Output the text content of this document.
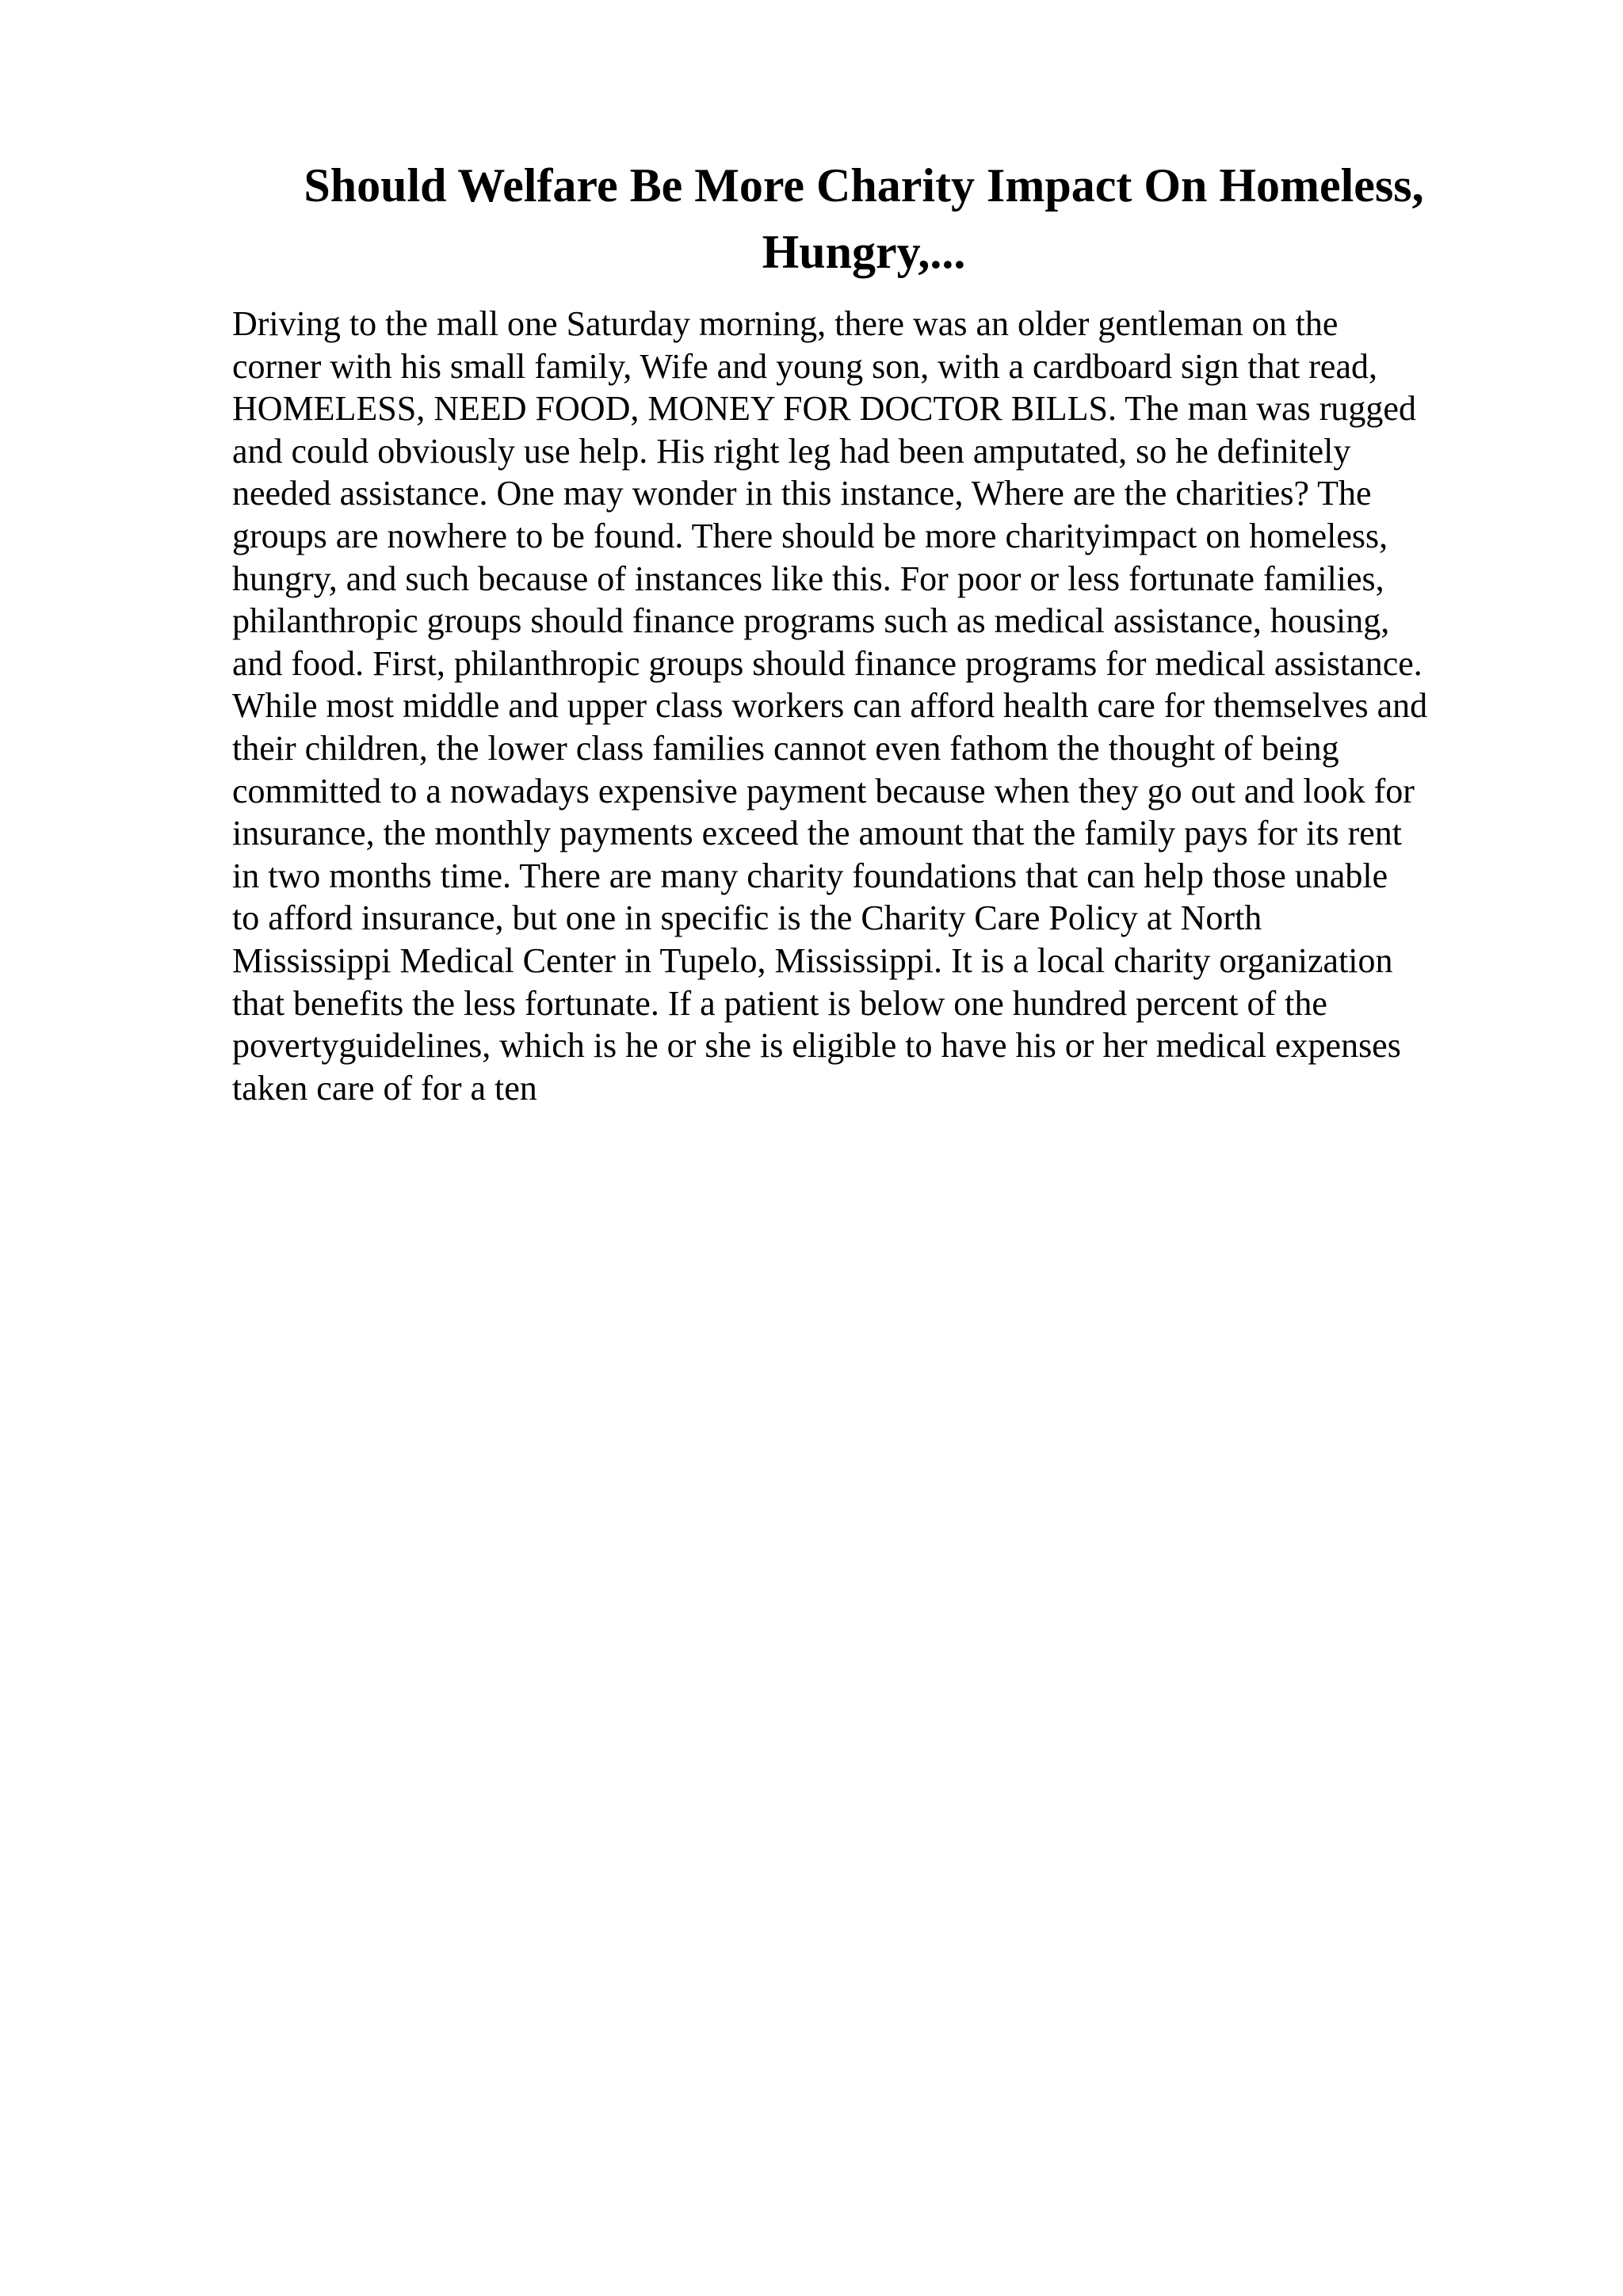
Should Welfare Be More Charity Impact On Homeless,
Hungry,...
Driving to the mall one Saturday morning, there was an older gentleman on the
corner with his small family, Wife and young son, with a cardboard sign that read,
HOMELESS, NEED FOOD, MONEY FOR DOCTOR BILLS. The man was rugged
and could obviously use help. His right leg had been amputated, so he definitely
needed assistance. One may wonder in this instance, Where are the charities? The
groups are nowhere to be found. There should be more charityimpact on homeless,
hungry, and such because of instances like this. For poor or less fortunate families,
philanthropic groups should finance programs such as medical assistance, housing,
and food. First, philanthropic groups should finance programs for medical assistance.
While most middle and upper class workers can afford health care for themselves and
their children, the lower class families cannot even fathom the thought of being
committed to a nowadays expensive payment because when they go out and look for
insurance, the monthly payments exceed the amount that the family pays for its rent
in two months time. There are many charity foundations that can help those unable
to afford insurance, but one in specific is the Charity Care Policy at North
Mississippi Medical Center in Tupelo, Mississippi. It is a local charity organization
that benefits the less fortunate. If a patient is below one hundred percent of the
povertyguidelines, which is he or she is eligible to have his or her medical expenses
taken care of for a ten
